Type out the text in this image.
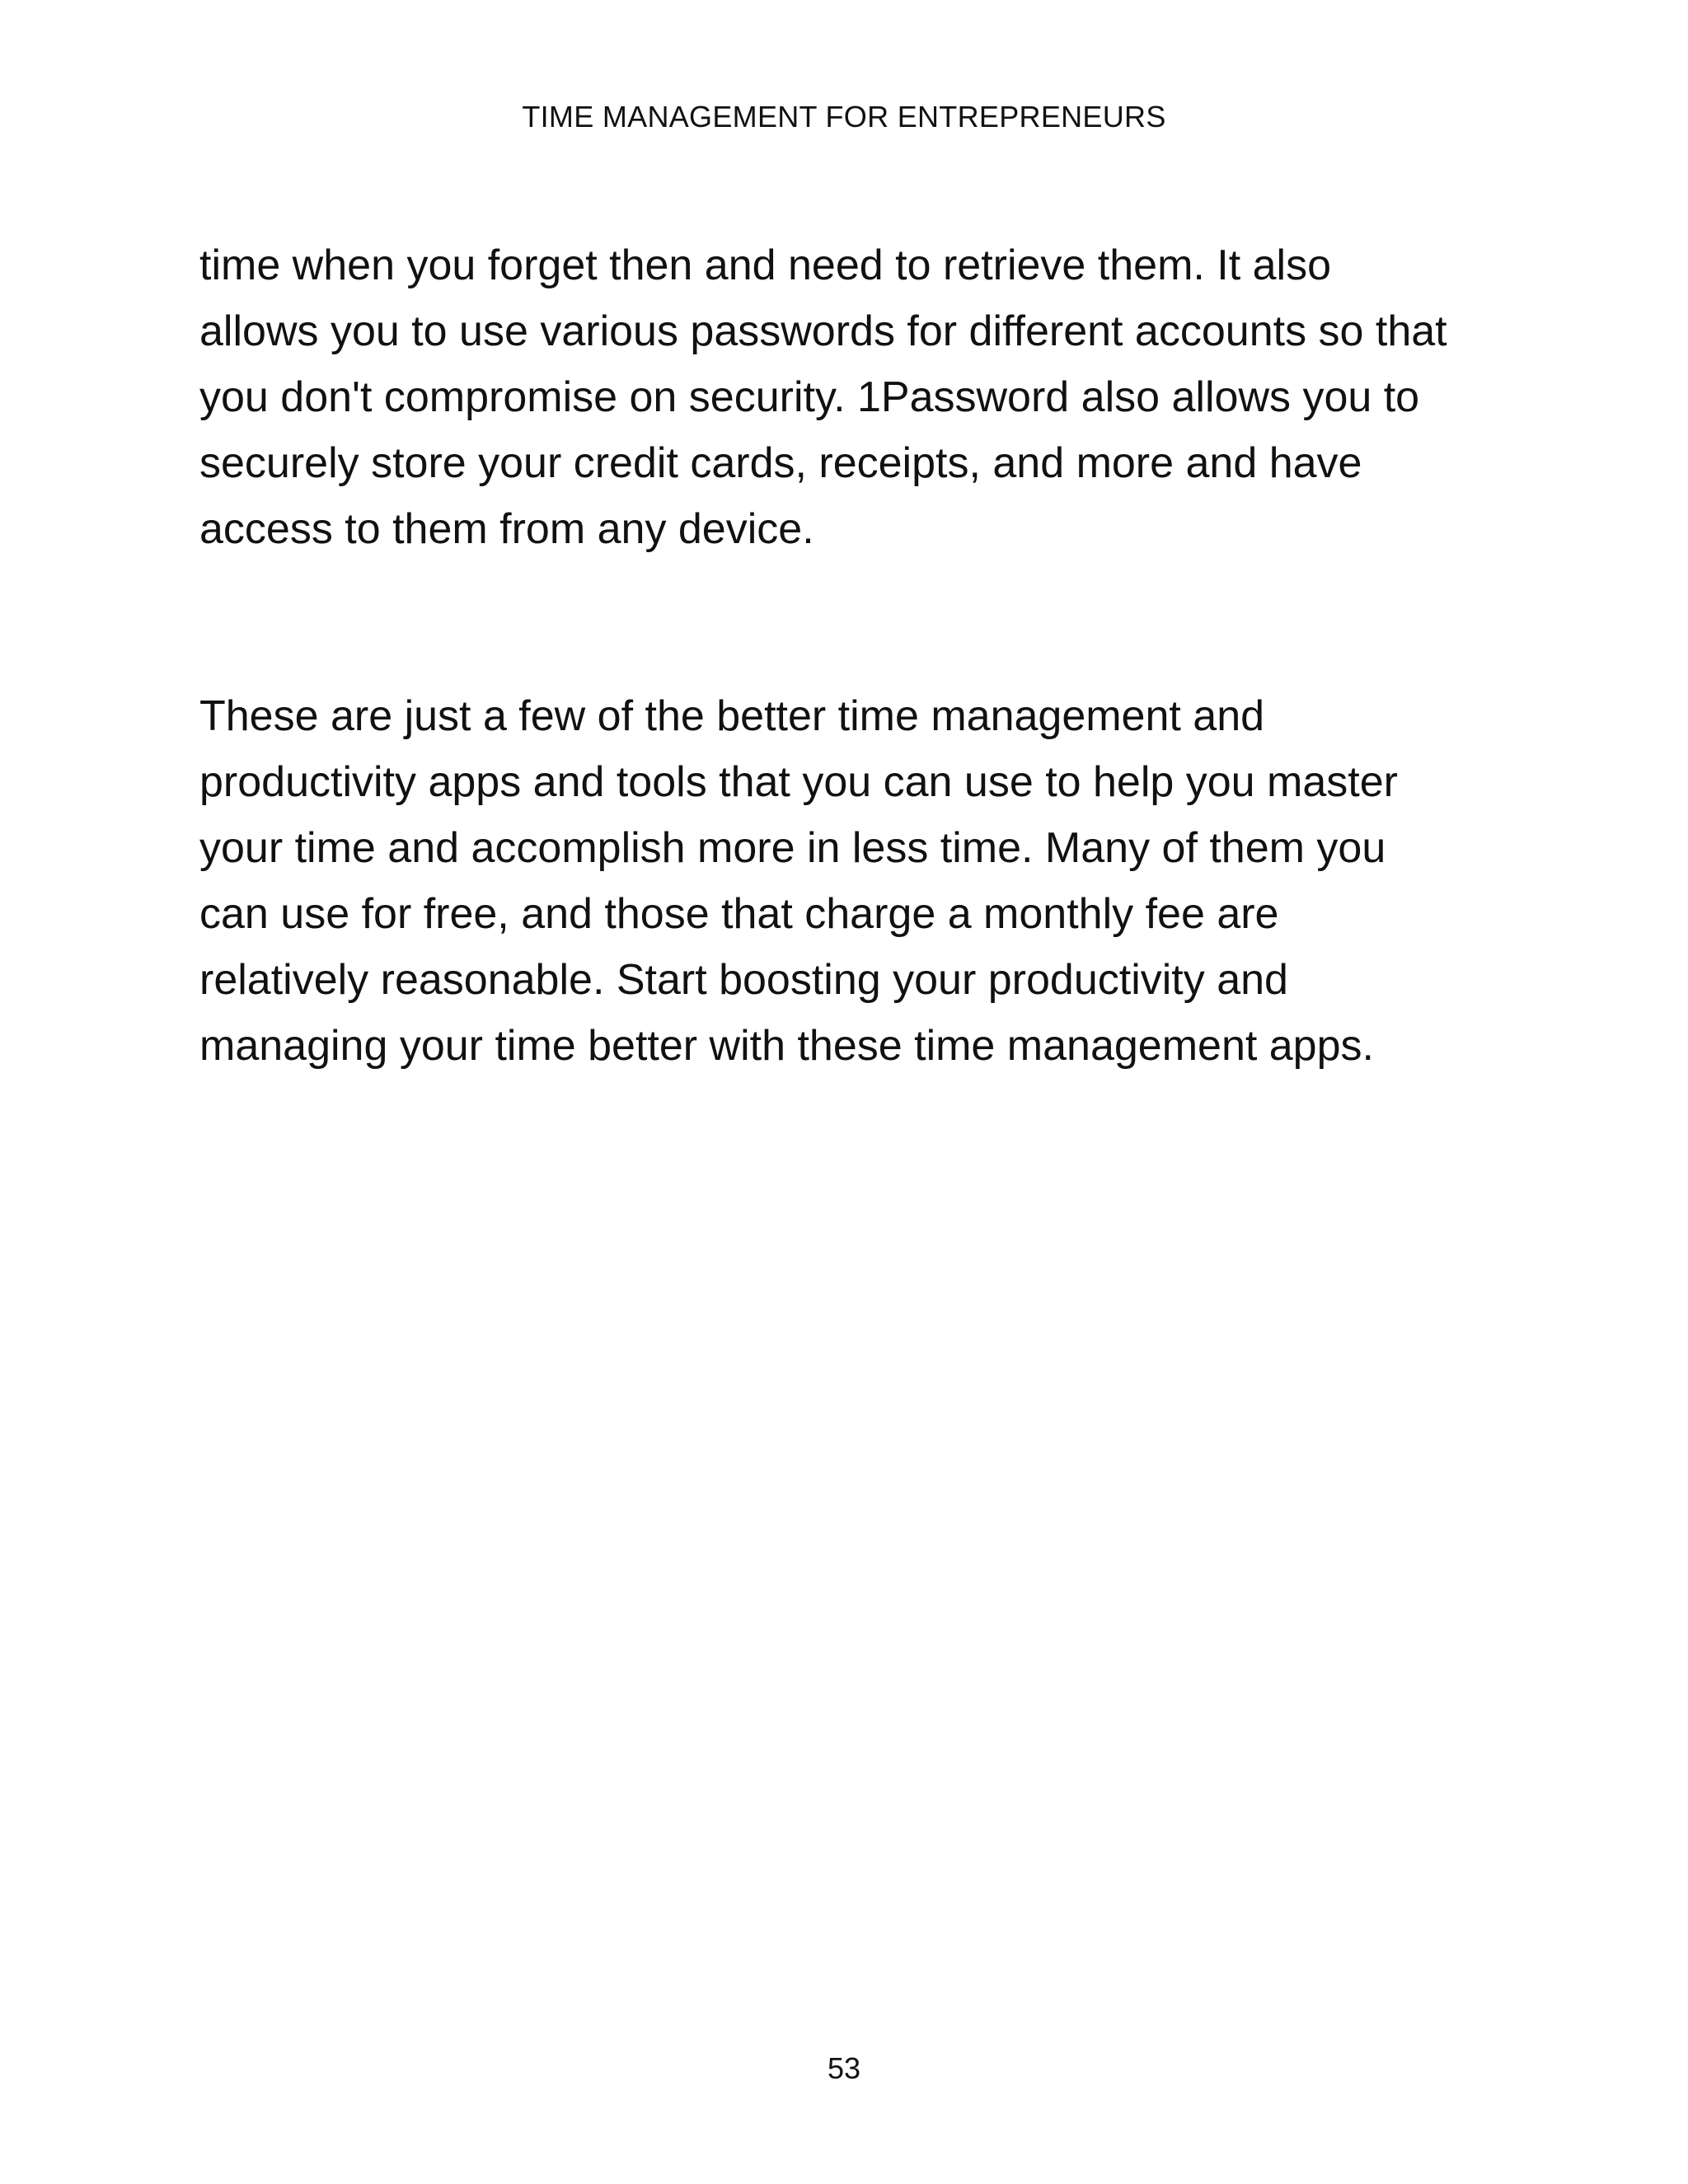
TIME MANAGEMENT FOR ENTREPRENEURS
time when you forget then and need to retrieve them. It also
allows you to use various passwords for different accounts so that
you don't compromise on security. 1Password also allows you to
securely store your credit cards, receipts, and more and have
access to them from any device.
These are just a few of the better time management and
productivity apps and tools that you can use to help you master
your time and accomplish more in less time. Many of them you
can use for free, and those that charge a monthly fee are
relatively reasonable. Start boosting your productivity and
managing your time better with these time management apps.
53
